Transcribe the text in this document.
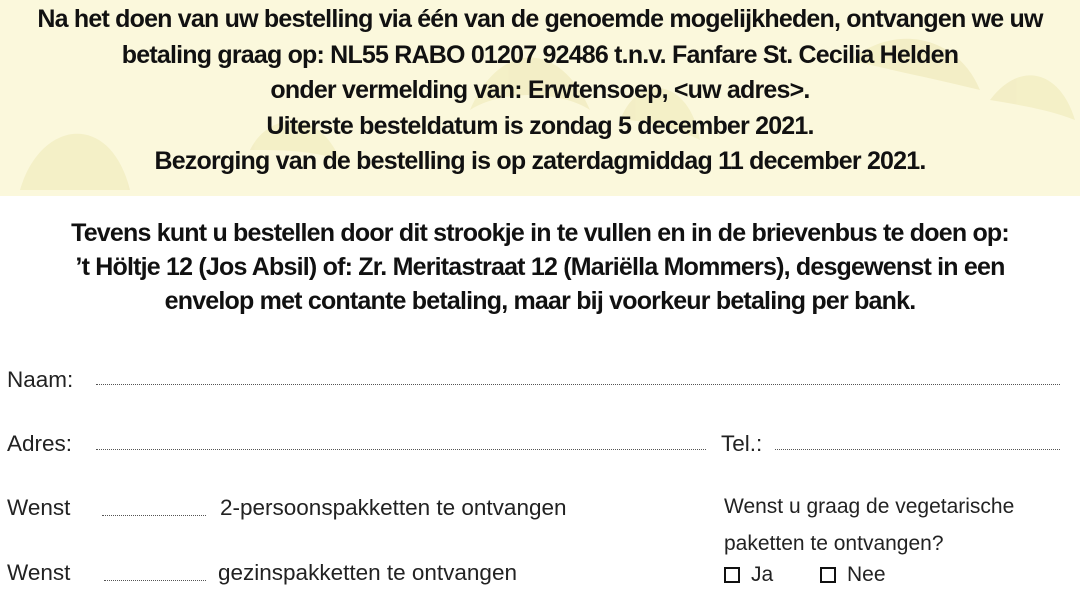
Na het doen van uw bestelling via één van de genoemde mogelijkheden, ontvangen we uw
betaling graag op: NL55 RABO 01207 92486 t.n.v. Fanfare St. Cecilia Helden
onder vermelding van: Erwtensoep, <uw adres>.
Uiterste besteldatum is zondag 5 december 2021.
Bezorging van de bestelling is op zaterdagmiddag 11 december 2021.
Tevens kunt u bestellen door dit strookje in te vullen en in de brievenbus te doen op:
’t Höltje 12 (Jos Absil) of: Zr. Meritastraat 12 (Mariëlla Mommers), desgewenst in een
envelop met contante betaling, maar bij voorkeur betaling per bank.
Naam:
Adres:	Tel.:
Wenst	2-persoonspakketten te ontvangen
Wenst	gezinspakketten te ontvangen
Wenst u graag de vegetarische
paketten te ontvangen?
Ja	Nee
